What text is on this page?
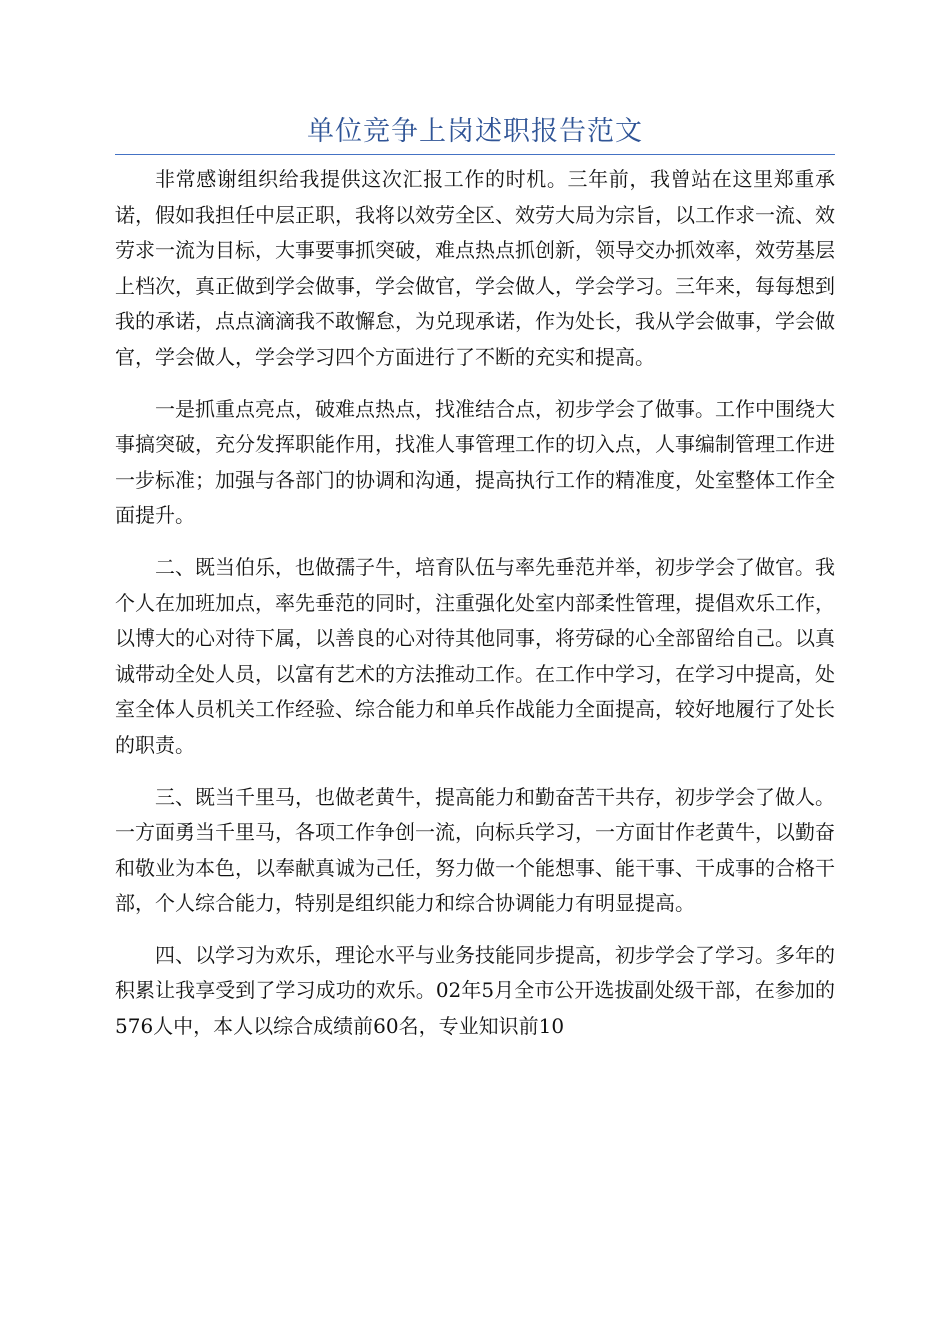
单位竞争上岗述职报告范文

非常感谢组织给我提供这次汇报工作的时机。三年前，我曾站在这里郑重承诺，假如我担任中层正职，我将以效劳全区、效劳大局为宗旨，以工作求一流、效劳求一流为目标，大事要事抓突破，难点热点抓创新，领导交办抓效率，效劳基层上档次，真正做到学会做事，学会做官，学会做人，学会学习。三年来，每每想到我的承诺，点点滴滴我不敢懈怠，为兑现承诺，作为处长，我从学会做事，学会做官，学会做人，学会学习四个方面进行了不断的充实和提高。

一是抓重点亮点，破难点热点，找准结合点，初步学会了做事。工作中围绕大事搞突破，充分发挥职能作用，找准人事管理工作的切入点，人事编制管理工作进一步标准；加强与各部门的协调和沟通，提高执行工作的精准度，处室整体工作全面提升。

二、既当伯乐，也做孺子牛，培育队伍与率先垂范并举，初步学会了做官。我个人在加班加点，率先垂范的同时，注重强化处室内部柔性管理，提倡欢乐工作，以博大的心对待下属，以善良的心对待其他同事，将劳碌的心全部留给自己。以真诚带动全处人员，以富有艺术的方法推动工作。在工作中学习，在学习中提高，处室全体人员机关工作经验、综合能力和单兵作战能力全面提高，较好地履行了处长的职责。

三、既当千里马，也做老黄牛，提高能力和勤奋苦干共存，初步学会了做人。一方面勇当千里马，各项工作争创一流，向标兵学习，一方面甘作老黄牛，以勤奋和敬业为本色，以奉献真诚为己任，努力做一个能想事、能干事、干成事的合格干部，个人综合能力，特别是组织能力和综合协调能力有明显提高。

四、以学习为欢乐，理论水平与业务技能同步提高，初步学会了学习。多年的积累让我享受到了学习成功的欢乐。02年5月全市公开选拔副处级干部，在参加的576人中，本人以综合成绩前60名，专业知识前10
